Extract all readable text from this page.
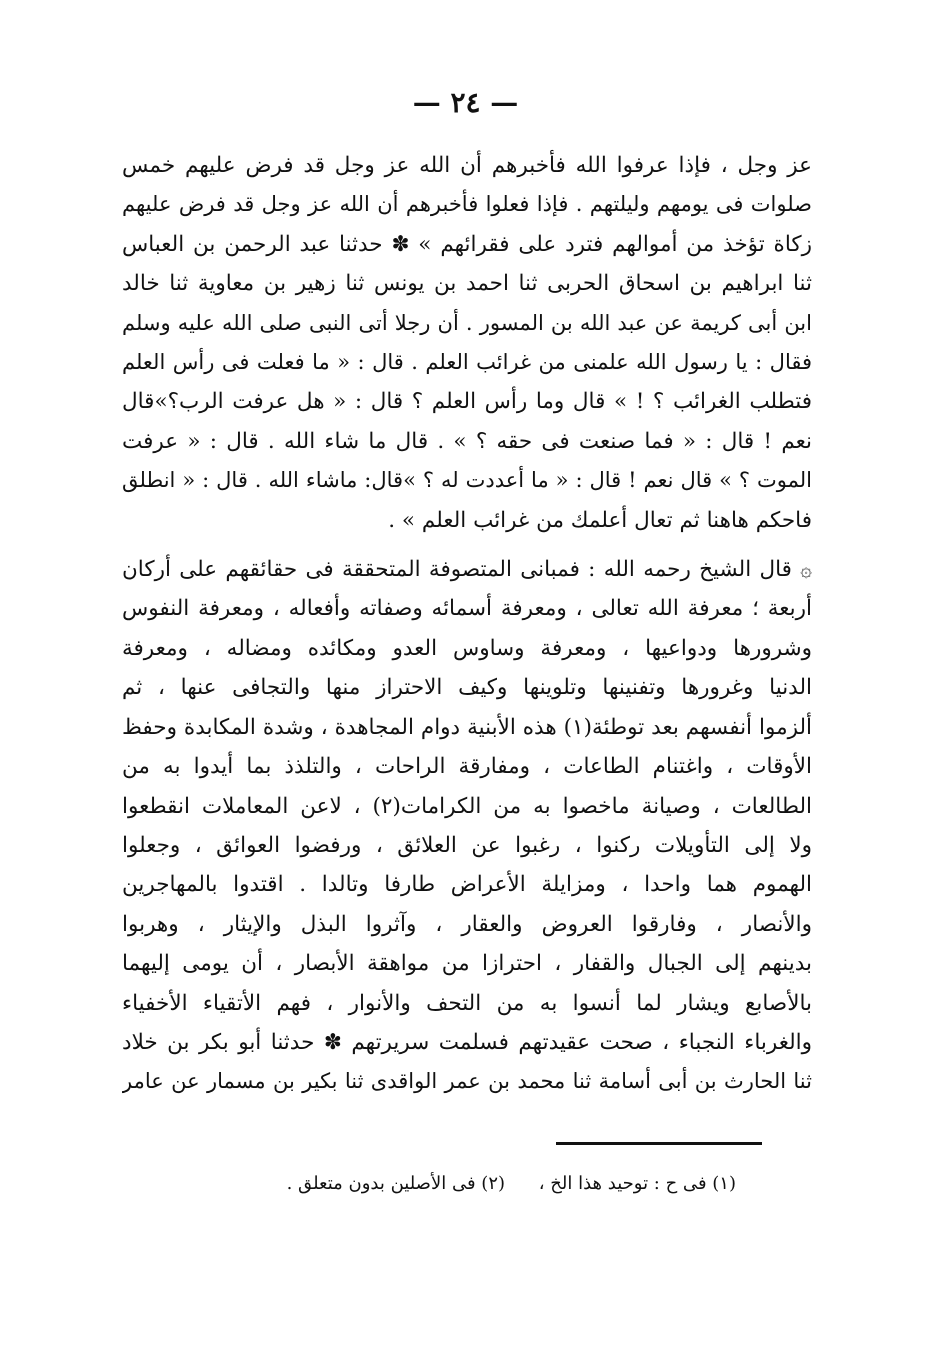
— ٢٤ —
عز وجل ، فإذا عرفوا الله فأخبرهم أن الله عز وجل قد فرض عليهم خمس
صلوات فى يومهم وليلتهم . فإذا فعلوا فأخبرهم أن الله عز وجل قد فرض عليهم
زكاة تؤخذ من أموالهم فترد على فقرائهم » ✽ حدثنا عبد الرحمن بن العباس
ثنا ابراهيم بن اسحاق الحربى ثنا احمد بن يونس ثنا زهير بن معاوية ثنا خالد
ابن أبى كريمة عن عبد الله بن المسور . أن رجلا أتى النبى صلى الله عليه وسلم
فقال : يا رسول الله علمنى من غرائب العلم . قال : « ما فعلت فى رأس العلم
فتطلب الغرائب ؟ ! » قال وما رأس العلم ؟ قال : « هل عرفت الرب؟»قال
نعم ! قال : « فما صنعت فى حقه ؟ » . قال ما شاء الله . قال : « عرفت
الموت ؟ » قال نعم ! قال : « ما أعددت له ؟ »قال: ماشاء الله . قال : « انطلق
فاحكم هاهنا ثم تعال أعلمك من غرائب العلم » .
۞ قال الشيخ رحمه الله : فمبانى المتصوفة المتحققة فى حقائقهم على أركان
أربعة ؛ معرفة الله تعالى ، ومعرفة أسمائه وصفاته وأفعاله ، ومعرفة النفوس
وشرورها ودواعيها ، ومعرفة وساوس العدو ومكائده ومضاله ، ومعرفة
الدنيا وغرورها وتفنينها وتلوينها وكيف الاحتراز منها والتجافى عنها ، ثم
ألزموا أنفسهم بعد توطئة(١) هذه الأبنية دوام المجاهدة ، وشدة المكابدة وحفظ
الأوقات ، واغتنام الطاعات ، ومفارقة الراحات ، والتلذذ بما أيدوا به من
الطالعات ، وصيانة ماخصوا به من الكرامات(٢) ، لاعن المعاملات انقطعوا
ولا إلى التأويلات ركنوا ، رغبوا عن العلائق ، ورفضوا العوائق ، وجعلوا
الهموم هما واحدا ، ومزايلة الأعراض طارفا وتالدا . اقتدوا بالمهاجرين
والأنصار ، وفارقوا العروض والعقار ، وآثروا البذل والإيثار ، وهربوا
بدينهم إلى الجبال والقفار ، احترازا من مواهقة الأبصار ، أن يومى إليهما
بالأصابع ويشار لما أنسوا به من التحف والأنوار ، فهم الأتقياء الأخفياء
والغرباء النجباء ، صحت عقيدتهم فسلمت سريرتهم ✽ حدثنا أبو بكر بن خلاد
ثنا الحارث بن أبى أسامة ثنا محمد بن عمر الواقدى ثنا بكير بن مسمار عن عامر
(١) فى ح : توحيد هذا الخ ، (٢) فى الأصلين بدون متعلق .
